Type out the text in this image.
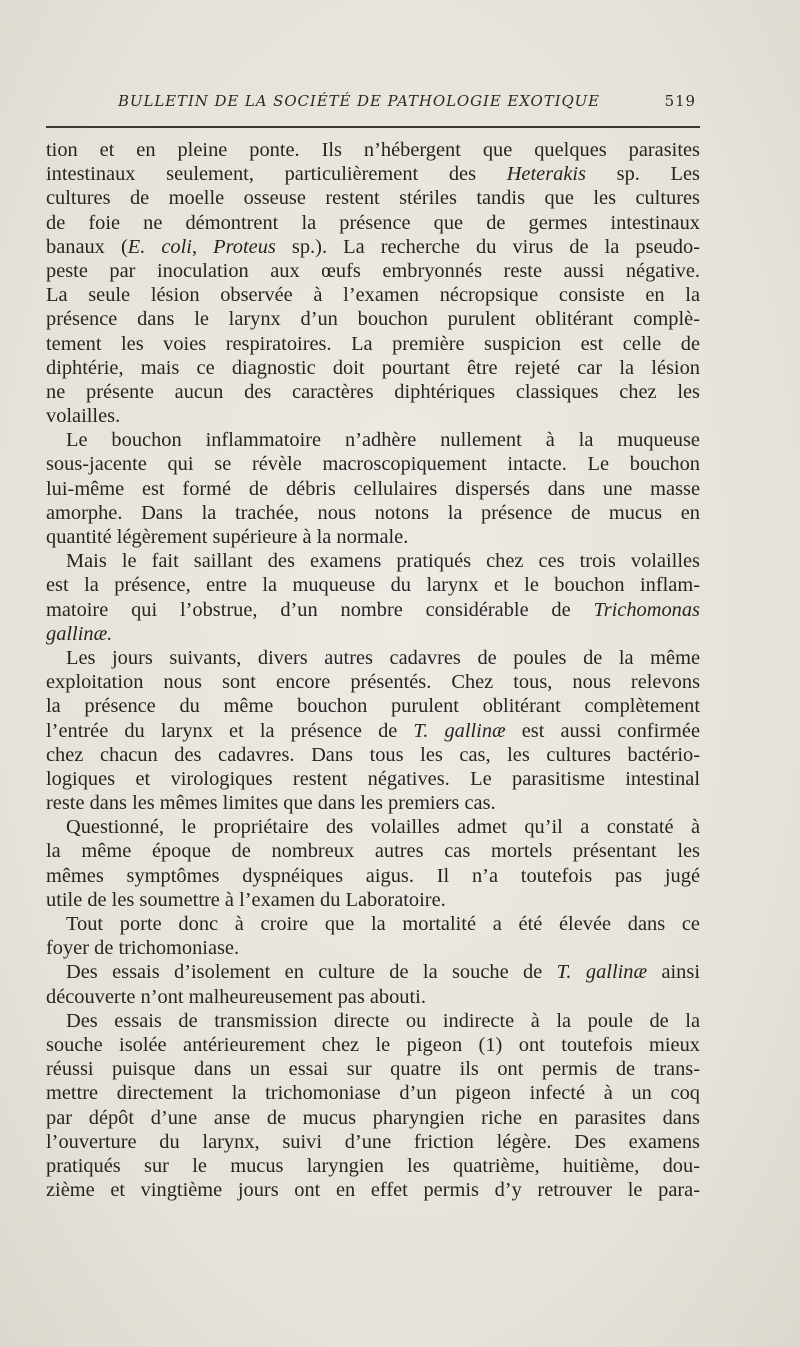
BULLETIN DE LA SOCIÉTÉ DE PATHOLOGIE EXOTIQUE	519
tion et en pleine ponte. Ils n’hébergent que quelques parasites
intestinaux seulement, particulièrement des Heterakis sp. Les
cultures de moelle osseuse restent stériles tandis que les cultures
de foie ne démontrent la présence que de germes intestinaux
banaux (E. coli, Proteus sp.). La recherche du virus de la pseudo-
peste par inoculation aux œufs embryonnés reste aussi négative.
La seule lésion observée à l’examen nécropsique consiste en la
présence dans le larynx d’un bouchon purulent oblitérant complè-
tement les voies respiratoires. La première suspicion est celle de
diphtérie, mais ce diagnostic doit pourtant être rejeté car la lésion
ne présente aucun des caractères diphtériques classiques chez les
volailles.
Le bouchon inflammatoire n’adhère nullement à la muqueuse
sous-jacente qui se révèle macroscopiquement intacte. Le bouchon
lui-même est formé de débris cellulaires dispersés dans une masse
amorphe. Dans la trachée, nous notons la présence de mucus en
quantité légèrement supérieure à la normale.
Mais le fait saillant des examens pratiqués chez ces trois volailles
est la présence, entre la muqueuse du larynx et le bouchon inflam-
matoire qui l’obstrue, d’un nombre considérable de Trichomonas
gallinæ.
Les jours suivants, divers autres cadavres de poules de la même
exploitation nous sont encore présentés. Chez tous, nous relevons
la présence du même bouchon purulent oblitérant complètement
l’entrée du larynx et la présence de T. gallinæ est aussi confirmée
chez chacun des cadavres. Dans tous les cas, les cultures bactério-
logiques et virologiques restent négatives. Le parasitisme intestinal
reste dans les mêmes limites que dans les premiers cas.
Questionné, le propriétaire des volailles admet qu’il a constaté à
la même époque de nombreux autres cas mortels présentant les
mêmes symptômes dyspnéiques aigus. Il n’a toutefois pas jugé
utile de les soumettre à l’examen du Laboratoire.
Tout porte donc à croire que la mortalité a été élevée dans ce
foyer de trichomoniase.
Des essais d’isolement en culture de la souche de T. gallinæ ainsi
découverte n’ont malheureusement pas abouti.
Des essais de transmission directe ou indirecte à la poule de la
souche isolée antérieurement chez le pigeon (1) ont toutefois mieux
réussi puisque dans un essai sur quatre ils ont permis de trans-
mettre directement la trichomoniase d’un pigeon infecté à un coq
par dépôt d’une anse de mucus pharyngien riche en parasites dans
l’ouverture du larynx, suivi d’une friction légère. Des examens
pratiqués sur le mucus laryngien les quatrième, huitième, dou-
zième et vingtième jours ont en effet permis d’y retrouver le para-
